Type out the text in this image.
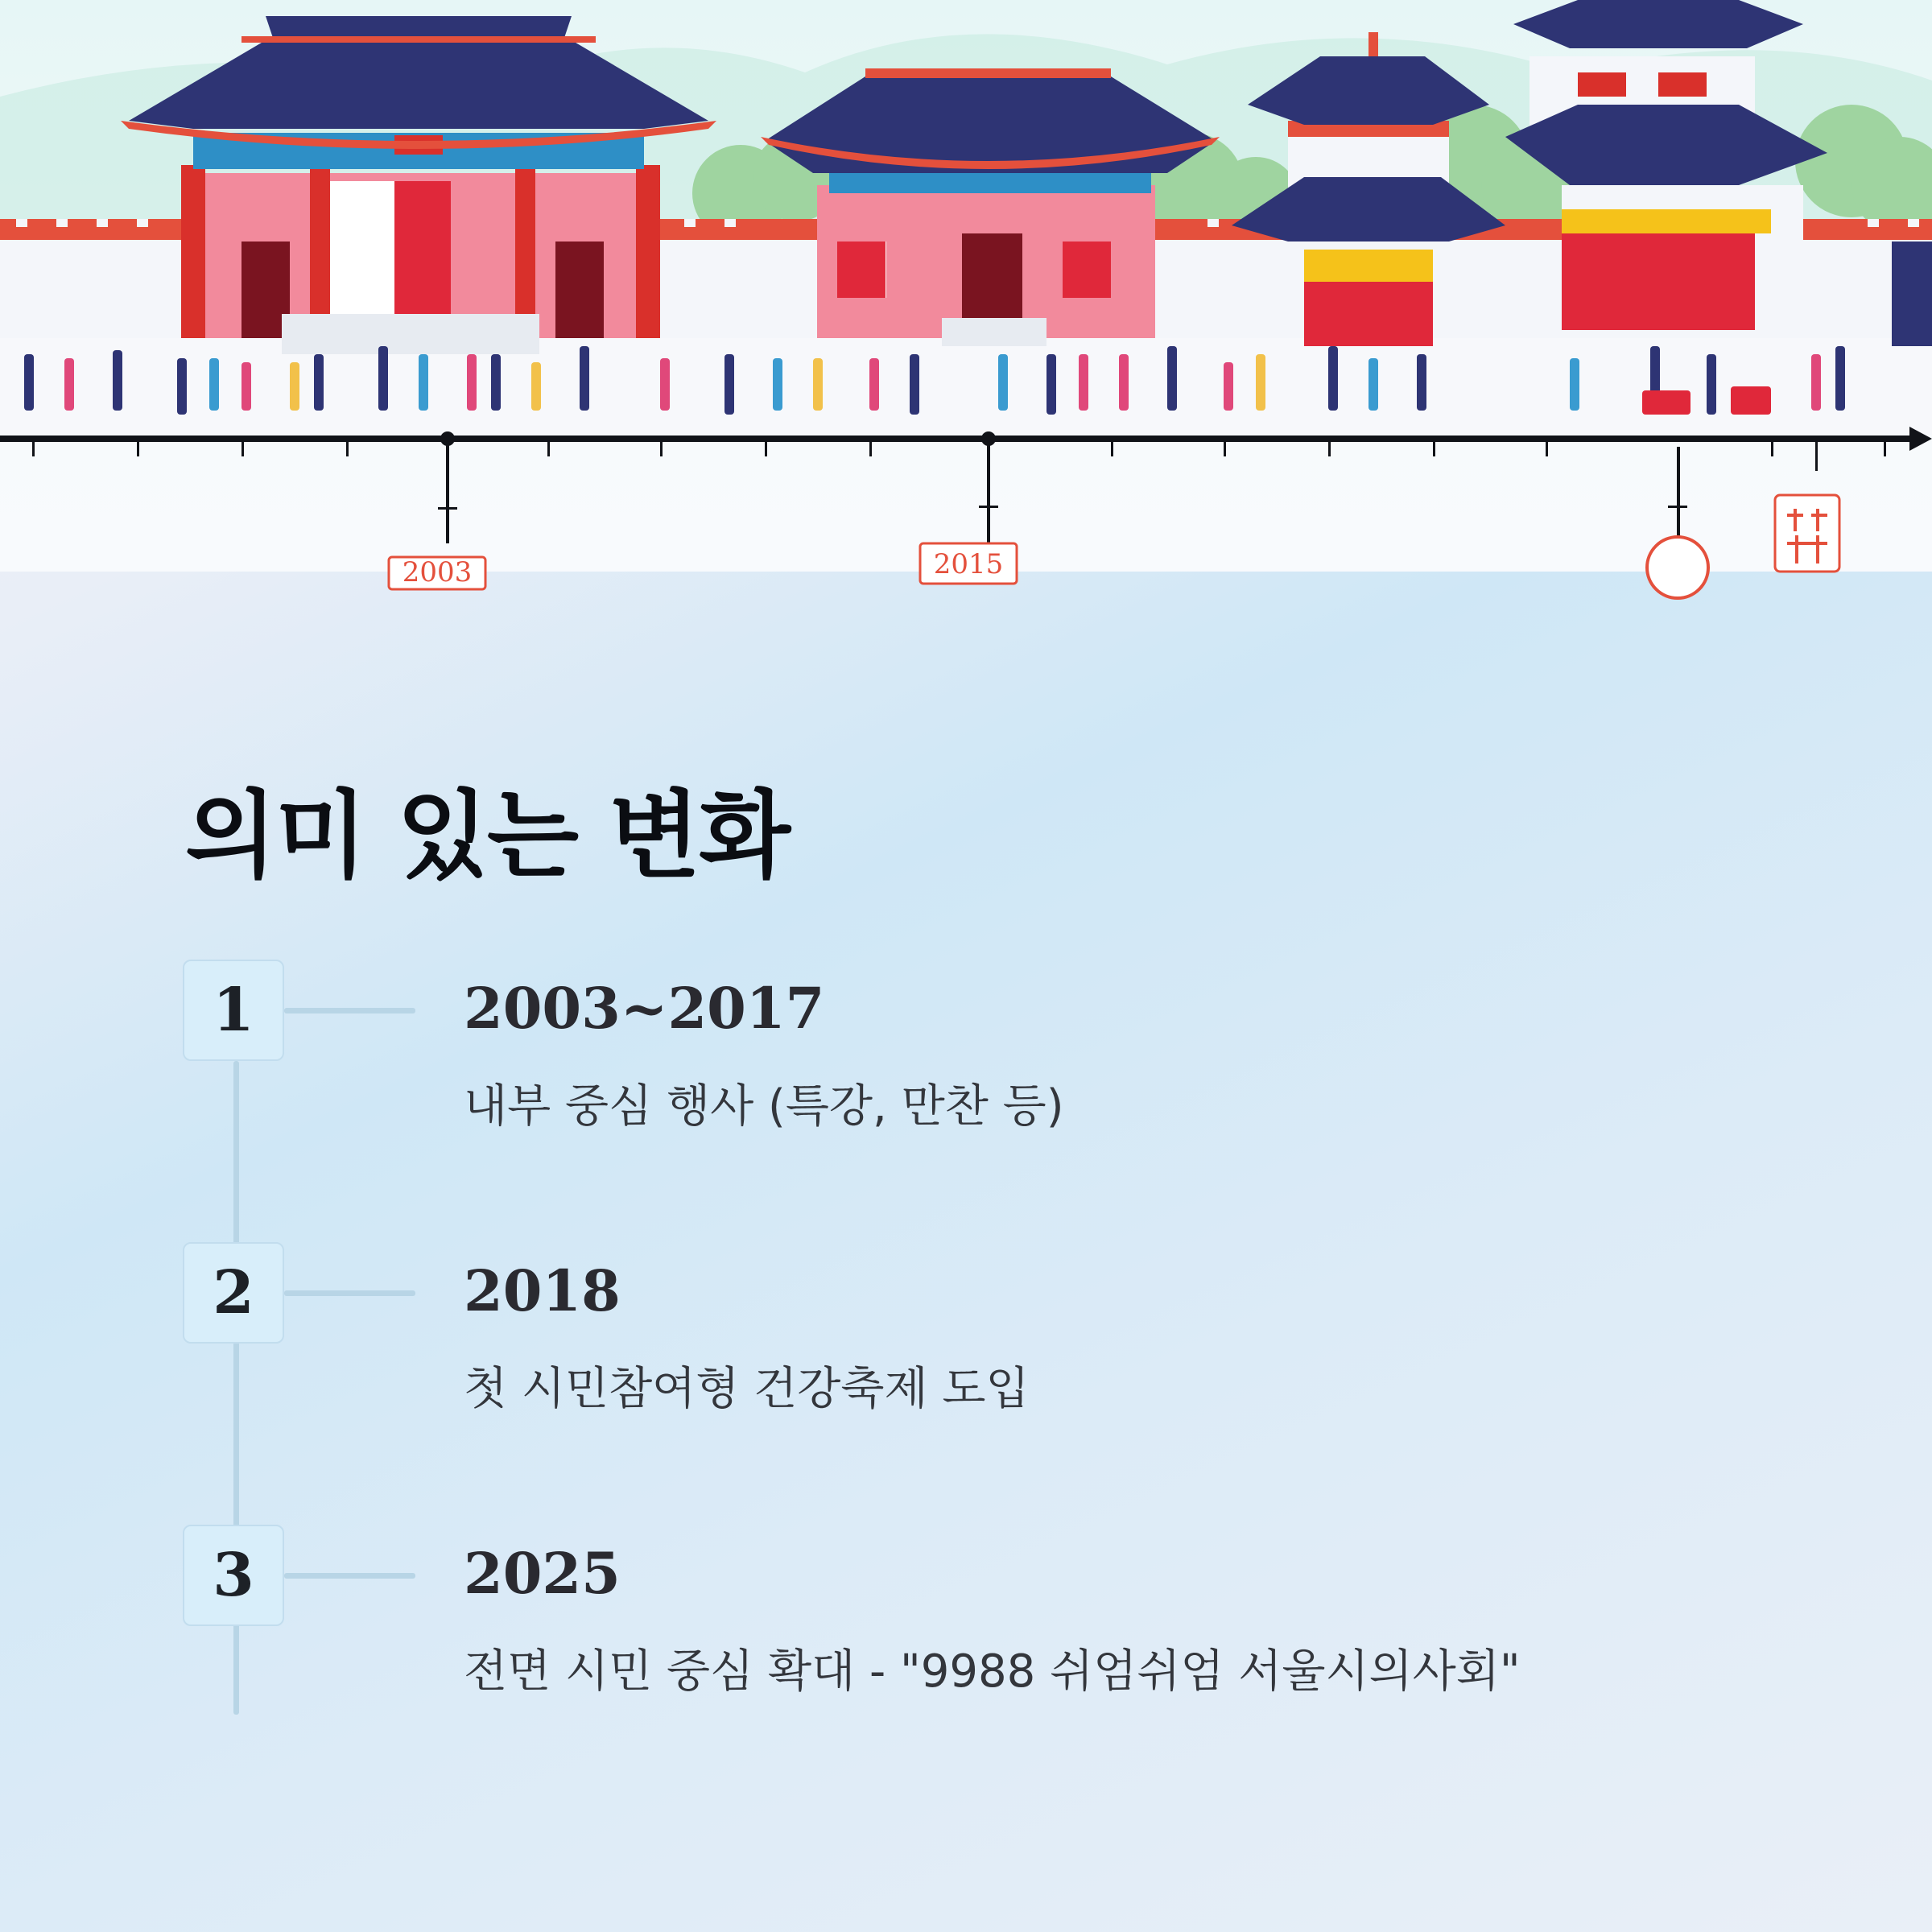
2003	2015
의미 있는 변화
1	2003~2017
내부 중심 행사 (특강, 만찬 등)
2	2018
첫 시민참여형 건강축제 도입
3	2025
전면 시민 중심 확대 - "9988 쉬엄쉬엄 서울시의사회"
